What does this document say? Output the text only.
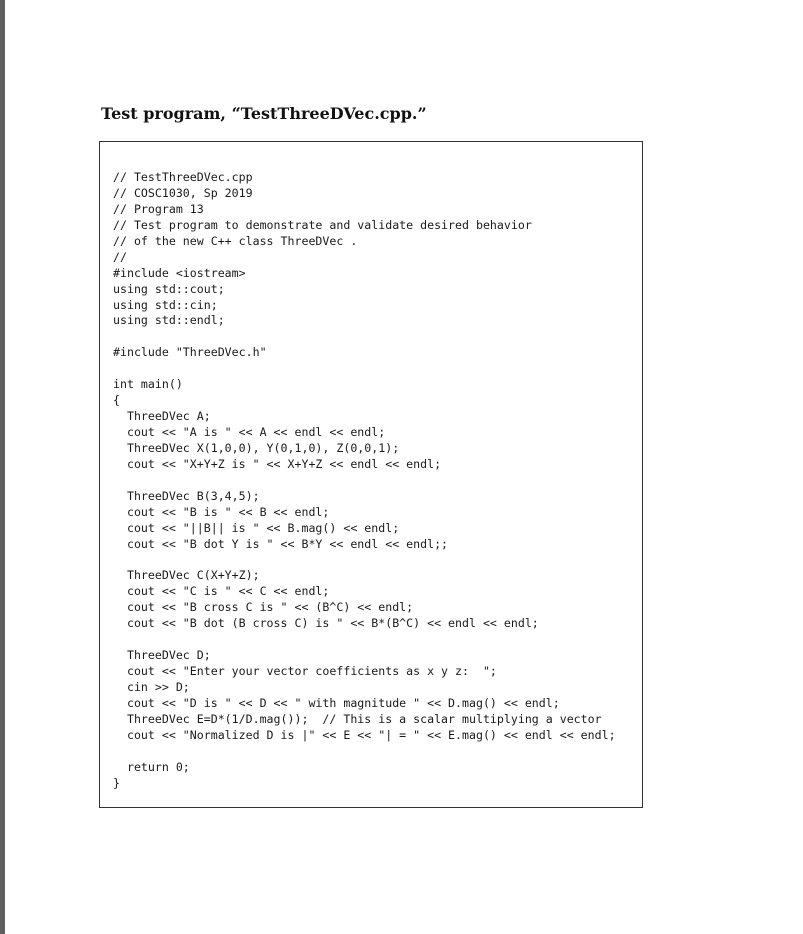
Test program, “TestThreeDVec.cpp.”
// TestThreeDVec.cpp
// COSC1030, Sp 2019
// Program 13
// Test program to demonstrate and validate desired behavior
// of the new C++ class ThreeDVec .
//
#include <iostream>
using std::cout;
using std::cin;
using std::endl;
#include "ThreeDVec.h"
int main()
{
ThreeDVec A;
cout << "A is " << A << endl << endl;
ThreeDVec X(1,0,0), Y(0,1,0), Z(0,0,1);
cout << "X+Y+Z is " << X+Y+Z << endl << endl;
ThreeDVec B(3,4,5);
cout << "B is " << B << endl;
cout << "||B|| is " << B.mag() << endl;
cout << "B dot Y is " << B*Y << endl << endl;;
ThreeDVec C(X+Y+Z);
cout << "C is " << C << endl;
cout << "B cross C is " << (B^C) << endl;
cout << "B dot (B cross C) is " << B*(B^C) << endl << endl;
ThreeDVec D;
cout << "Enter your vector coefficients as x y z:  ";
cin >> D;
cout << "D is " << D << " with magnitude " << D.mag() << endl;
ThreeDVec E=D*(1/D.mag());  // This is a scalar multiplying a vector
cout << "Normalized D is |" << E << "| = " << E.mag() << endl << endl;
return 0;
}
